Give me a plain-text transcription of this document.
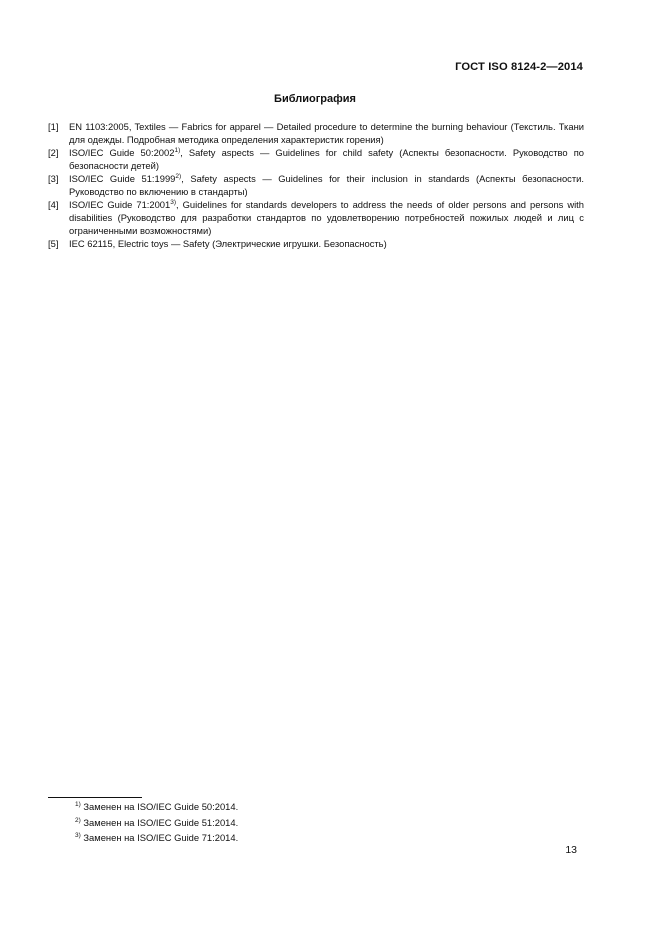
ГОСТ ISO 8124-2—2014
Библиография
[1] EN 1103:2005, Textiles — Fabrics for apparel — Detailed procedure to determine the burning behaviour (Текстиль. Ткани для одежды. Подробная методика определения характеристик горения)
[2] ISO/IEC Guide 50:2002$^{1)}$, Safety aspects — Guidelines for child safety (Аспекты безопасности. Руководство по безопасности детей)
[3] ISO/IEC Guide 51:1999$^{2)}$, Safety aspects — Guidelines for their inclusion in standards (Аспекты безопасности. Руководство по включению в стандарты)
[4] ISO/IEC Guide 71:2001$^{3)}$, Guidelines for standards developers to address the needs of older persons and persons with disabilities (Руководство для разработки стандартов по удовлетворению потребностей пожилых людей и лиц с ограниченными возможностями)
[5] IEC 62115, Electric toys — Safety (Электрические игрушки. Безопасность)
$^{1)}$ Заменен на ISO/IEC Guide 50:2014.
$^{2)}$ Заменен на ISO/IEC Guide 51:2014.
$^{3)}$ Заменен на ISO/IEC Guide 71:2014.
13
